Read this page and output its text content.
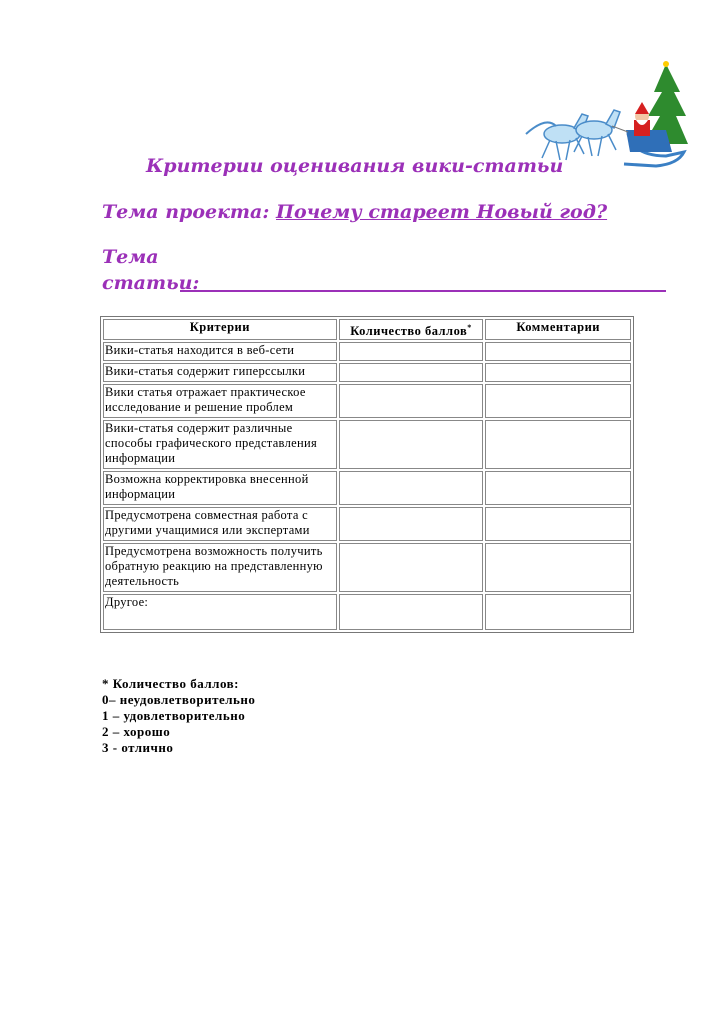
Критерии оценивания вики-статьи
Тема проекта: Почему стареет Новый год?
Тема
статьи:
Критерии	Количество баллов*	Комментарии
Вики-статья находится в веб-сети		
Вики-статья содержит гиперссылки		
Вики статья отражает практическое исследование и решение проблем		
Вики-статья содержит различные способы графического представления информации		
Возможна корректировка внесенной информации		
Предусмотрена совместная работа с другими учащимися или экспертами		
Предусмотрена возможность получить обратную реакцию на представленную деятельность		
Другое:		
* Количество баллов:
0– неудовлетворительно
1 – удовлетворительно
2 – хорошо
3 - отлично
